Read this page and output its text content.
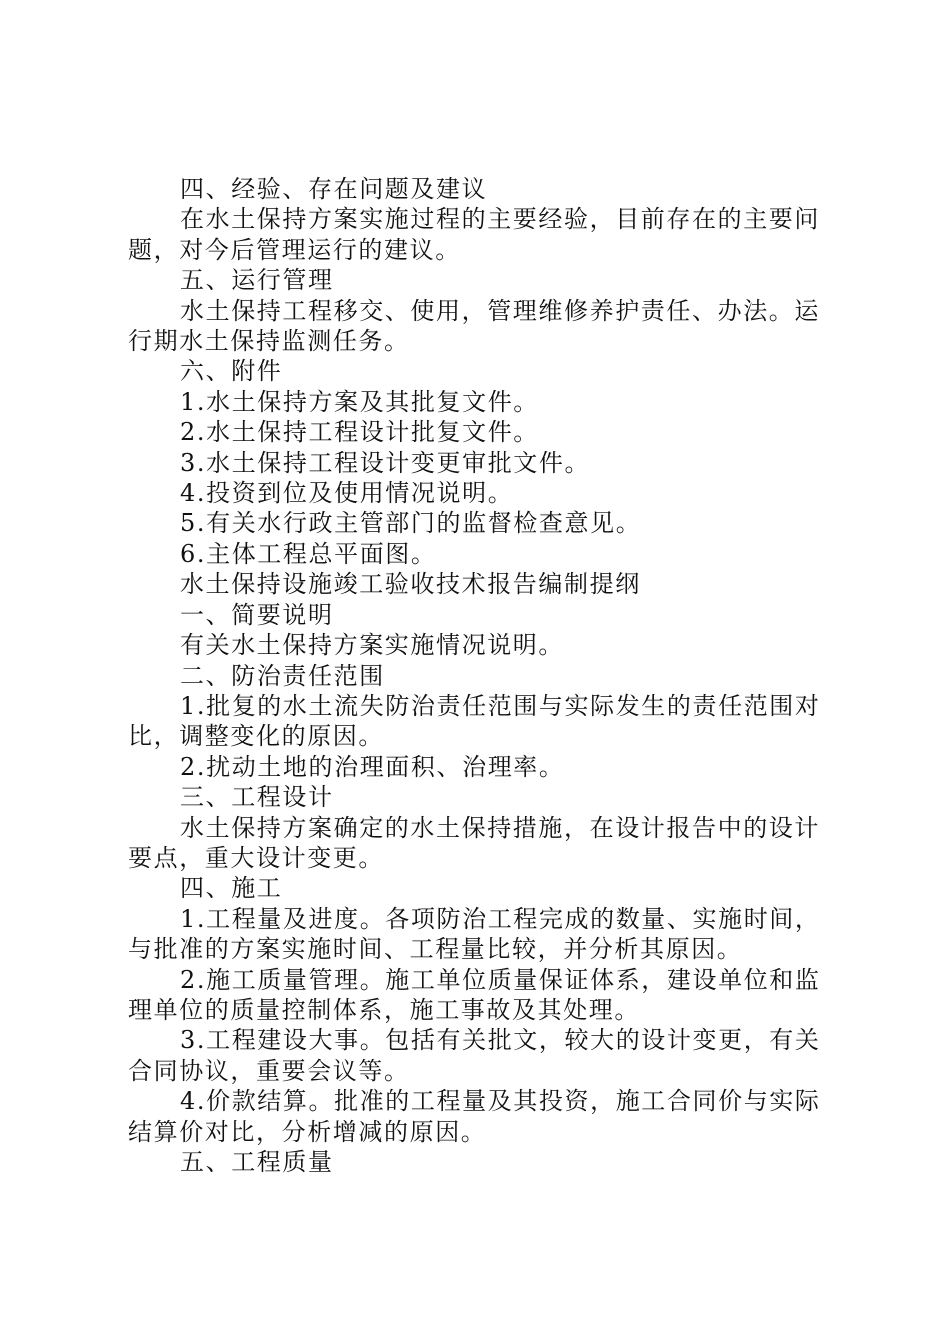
四、经验、存在问题及建议

在水土保持方案实施过程的主要经验，目前存在的主要问题，对今后管理运行的建议。

五、运行管理

水土保持工程移交、使用，管理维修养护责任、办法。运行期水土保持监测任务。

六、附件

1.水土保持方案及其批复文件。

2.水土保持工程设计批复文件。

3.水土保持工程设计变更审批文件。

4.投资到位及使用情况说明。

5.有关水行政主管部门的监督检查意见。

6.主体工程总平面图。

水土保持设施竣工验收技术报告编制提纲

一、简要说明

有关水土保持方案实施情况说明。

二、防治责任范围

1.批复的水土流失防治责任范围与实际发生的责任范围对比，调整变化的原因。

2.扰动土地的治理面积、治理率。

三、工程设计

水土保持方案确定的水土保持措施，在设计报告中的设计要点，重大设计变更。

四、施工

1.工程量及进度。各项防治工程完成的数量、实施时间，与批准的方案实施时间、工程量比较，并分析其原因。

2.施工质量管理。施工单位质量保证体系，建设单位和监理单位的质量控制体系，施工事故及其处理。

3.工程建设大事。包括有关批文，较大的设计变更，有关合同协议，重要会议等。

4.价款结算。批准的工程量及其投资，施工合同价与实际结算价对比，分析增减的原因。

五、工程质量
